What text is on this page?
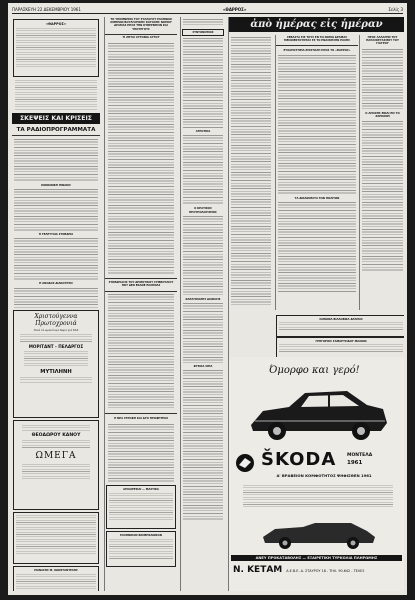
ΠΑΡΑΣΚΕΥΗ 22 ΔΕΚΕΜΒΡΙΟΥ 1961	«ΘΑΡΡΟΣ»	Σελίς 3
«ΘΑΡΡΟΣ»
ΣΚΕΨΕΙΣ ΚΑΙ ΚΡΙΣΕΙΣ
ΤΑ ΡΑΔΙΟΠΡΟΓΡΑΜΜΑΤΑ
ΚΟΙΝΩΝΙΚΗ ΠΙΝΑΚΙΣ
Η ΤΕΛΕΥΤΑΙΑ ΣΥΝΕΔΡΙΑ
Η ΑΝΟΔΟΣ ΔΙΑΚΟΥΡΣΙΣ
Χριστούγεννα
Πρωτοχρονιά
Ποιά τά ωραιότερα δῶρα γιά ΣΑΣ
ΜΟΡΙΤΑΝΤ - ΠΕΛΑΡΓΟΣ
ΜΥΤΙΛΗΝΗ
ΘΕΟΔΩΡΟΥ ΚΑΝΟΥ
ΩΜΕΓΑ
ΜΑΝΑΣΗΣ Μ. ΚΩΝΣΤΑΝΤΕΛΗΣ
ΤΟ ΥΠΟΜΝΗΜΑ ΤΟΥ ΣΥΛΛΟΓΟΥ ΕΛΛΗΝΩΝ ΟΜΗΡΩΝ ΒΟΥΛΓΑΡΙΚΗΣ ΚΑΤΟΧΗΣ ΝΟΜΟΥ ΔΡΑΜΑΣ ΠΡΟΣ ΤΗΝ ΚΥΒΕΡΝΗΣΙΝ ΚΑΙ ΥΠΟΥΡΓΟΥΣ
ΤΙ ΖΗΤΑΙ ΑΥΤΟΝΙΑ ΑΥΤΟΥ
ΣΥΝΕΔΡΙΑΣΙΣ ΤΟΥ ΔΗΜΟΤΙΚΟΥ ΣΥΜΒΟΥΛΙΟΥ ΠΟΥ ΔΕΝ ΕΚΑΝΕ ΕΛΛΗΝΑΣ
Η ΝΕΑ ΣΤΡΟΦΗ ΚΑΙ ΔΥΟ ΠΡΟΦΗΤΕΙΑΙ
ΑΡΧΑΙΡΕΣΙΑΙ — ΜΑΣΤΙΚΑ
ΕΛΛΗΝΙΚΟΝ ΒΙΟΜΗΧΑΝΙΚΟΝ
ΣΥΝΤΟΝΙΣΜΟΣ
ΑΓΡΟΤΙΚΑ
Ο ΚΡΑΤΙΚΟΣ ΠΡΟΥΠΟΛΟΓΙΣΜΟΣ
ΚΑΡΑΓΚΙΟΖΗΣ ΔΙΑΒΑΣΙΣ
ΦΥΣΙΚΑ ΟΡΙΑ
ἀπὸ ἡμέρας εἰς ἡμέραν
ΣΕΒΑΣΤΑ ΕΙΣ ΤΟΥΣ ΕΝ ΤΩ ΝΟΜΩ ΔΡΑΜΑΣ ΜΕΙΟΝΕΚΤΟΥΝΤΑΣ ΕΣ ΤΟ ΕΝΑΣΚΗΣΗΝ ΕΛΛΗΣ
ΕΥΧΑΡΙΣΤΗΡΙΑ ΕΠΙΣΤΟΛΗ ΠΡΟΣ ΤΟ «ΘΑΡΡΟΣ»
ΤΑ ΔΙΚΑΙΩΜΑΤΑ ΤΩΝ ΠΟΛΙΤΩΝ
ΠΡΟΣ ΑΛΛΑΓΗΝ ΤΟΥ ΠΑΡΑΣΚΕΥΑΣΜΟΥ ΤΟΥ ΓΙΑΤΡΟΥ
Ο ΑΠΟΧΗΣ ΕΙΝΑΙ ΕΙΣ ΤΟ ΖΑΡΚΟΝΗ
ΣΑΠΩΝΙΑ ΒΙΛΑΟΒΙΚΑ ΔΡΑΜΑΣ
ΓΡΗΓΟΡΙΟΣ ΣΑΜΑΡΤΣΙΔΟΥ ΜΑΛΙΩΝ
Όμορφο και γερό!
ŠKODA ΜΟΝΤΕΛΑ
1961
Α' ΒΡΑΒΕΙΟΝ ΚΟΜΦΟΤΗΤΟΣ ΨΗΦΙΣΘΕΝ 1961
ΑΝΕΥ ΠΡΟΚΑΤΑΒΟΛΗΣ — ΕΞΑΙΡΕΤΙΚΗ ΤΥΡΚΟΛΙΑ ΠΛΗΡΩΜΗΣ
Ν. ΚΕΤΑΜ Α.Ε.Β.Ε. Δ. ΣΤΑΥΡΟΥ 18 - ΤΗΛ. 90.642 - ΤΕΛΕΣ
